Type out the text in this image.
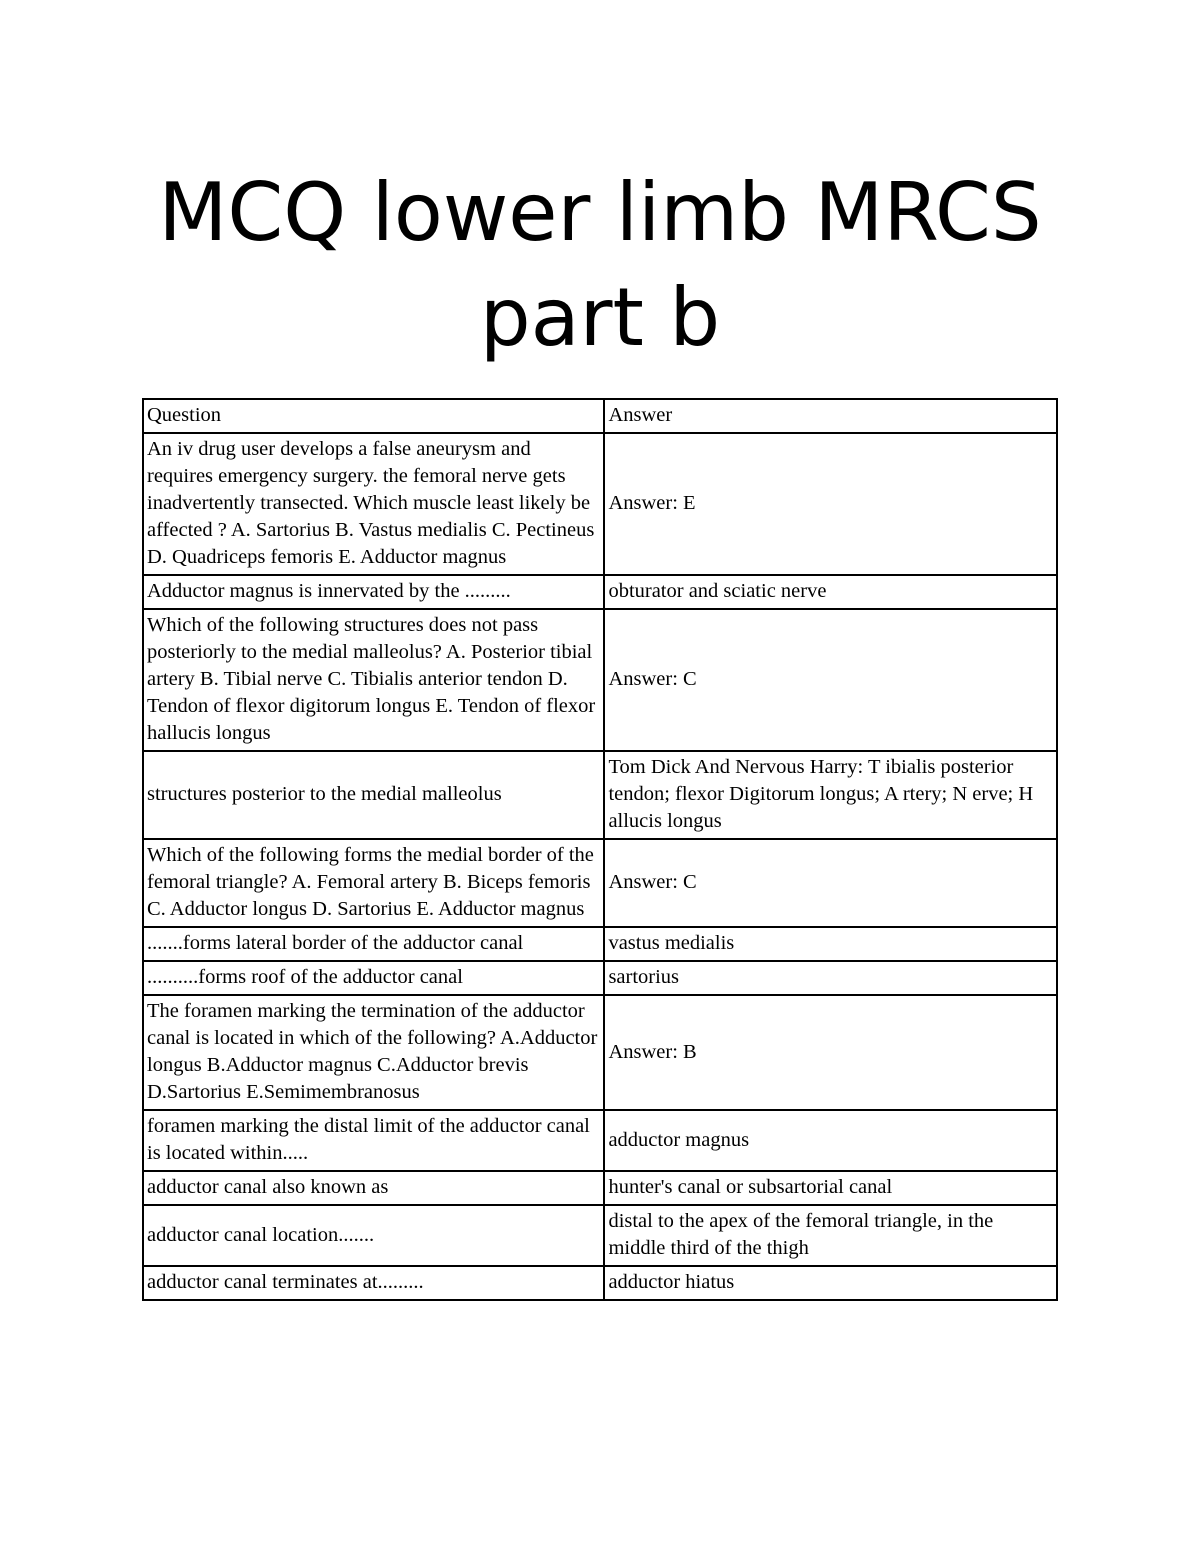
MCQ lower limb MRCS
part b
Question	Answer
An iv drug user develops a false aneurysm and requires emergency surgery. the femoral nerve gets inadvertently transected. Which muscle least likely be affected ? A. Sartorius B. Vastus medialis C. Pectineus D. Quadriceps femoris E. Adductor magnus	Answer: E
Adductor magnus is innervated by the .........	obturator and sciatic nerve
Which of the following structures does not pass posteriorly to the medial malleolus? A. Posterior tibial artery B. Tibial nerve C. Tibialis anterior tendon D. Tendon of flexor digitorum longus E. Tendon of flexor hallucis longus	Answer: C
structures posterior to the medial malleolus	Tom Dick And Nervous Harry: T ibialis posterior tendon; flexor Digitorum longus; A rtery; N erve; H allucis longus
Which of the following forms the medial border of the femoral triangle? A. Femoral artery B. Biceps femoris C. Adductor longus D. Sartorius E. Adductor magnus	Answer: C
.......forms lateral border of the adductor canal	vastus medialis
..........forms roof of the adductor canal	sartorius
The foramen marking the termination of the adductor canal is located in which of the following? A.Adductor longus B.Adductor magnus C.Adductor brevis D.Sartorius E.Semimembranosus	Answer: B
foramen marking the distal limit of the adductor canal is located within.....	adductor magnus
adductor canal also known as	hunter's canal or subsartorial canal
adductor canal location.......	distal to the apex of the femoral triangle, in the middle third of the thigh
adductor canal terminates at.........	adductor hiatus
